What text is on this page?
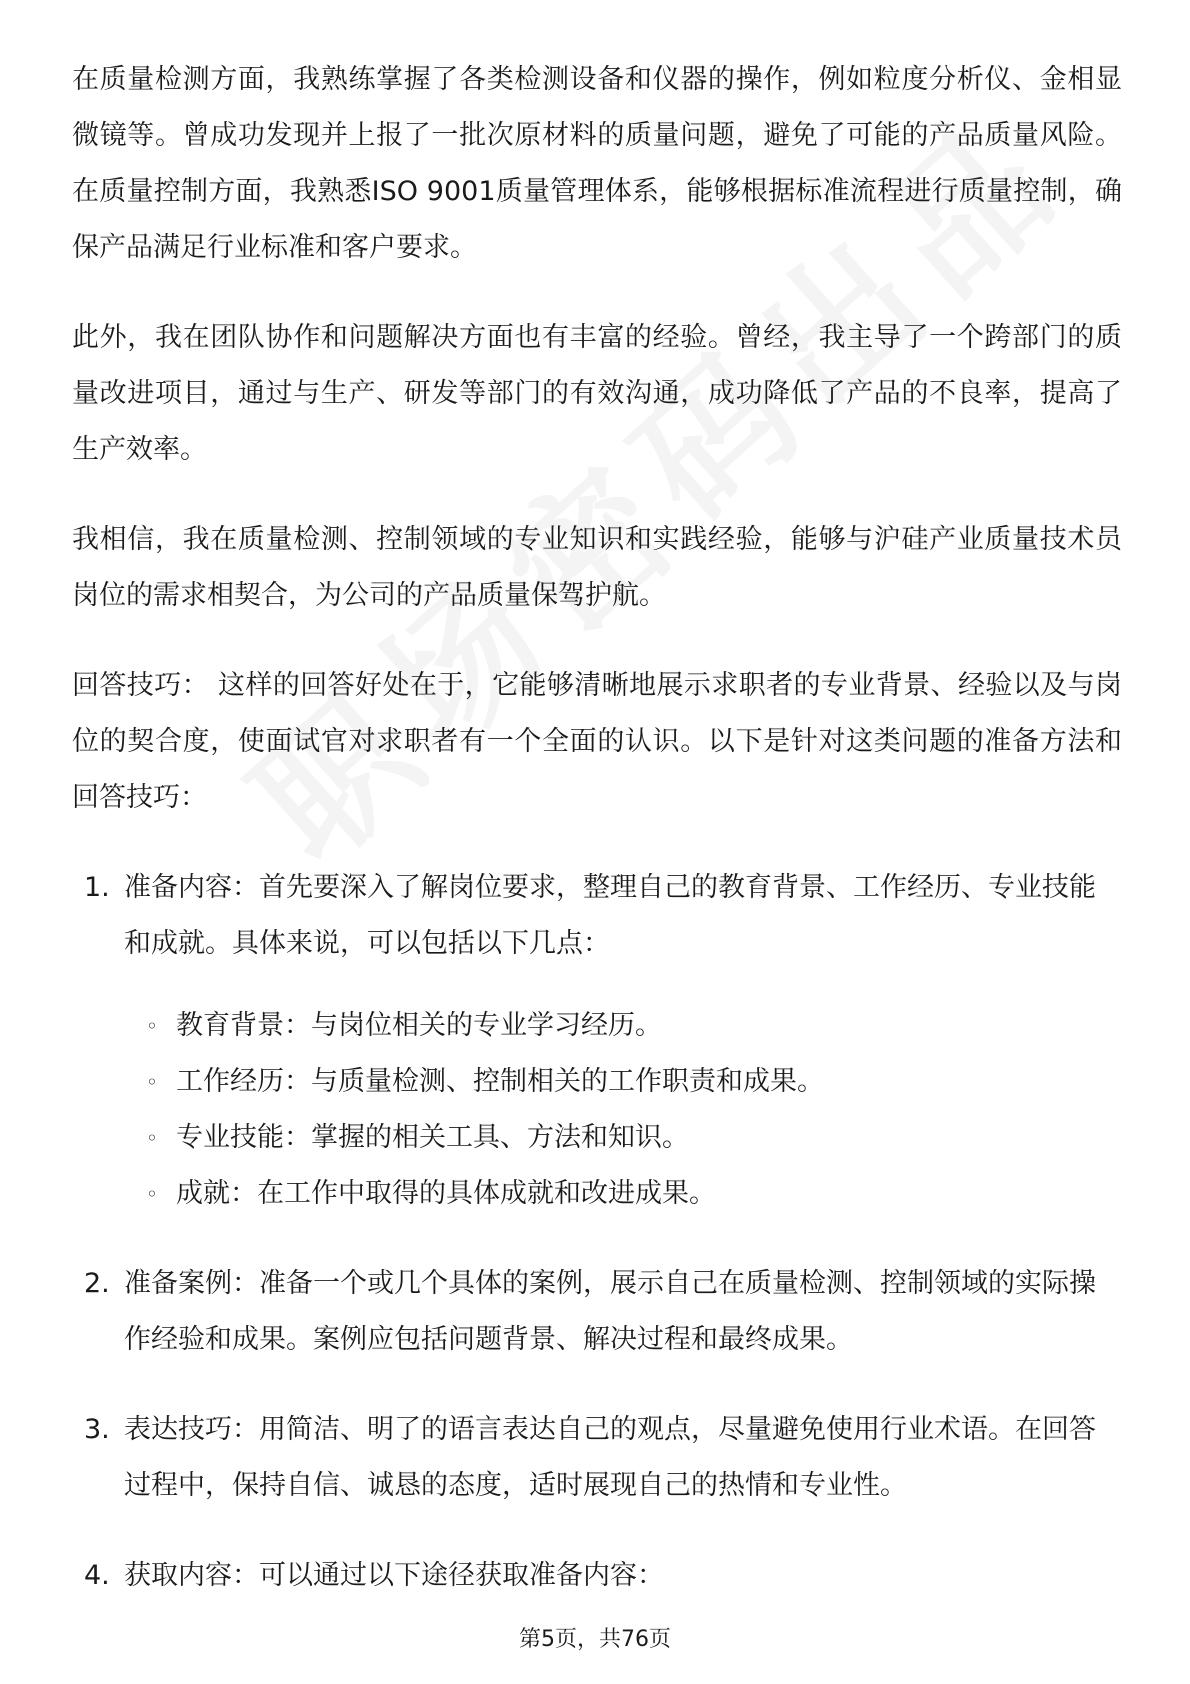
在质量检测方面，我熟练掌握了各类检测设备和仪器的操作，例如粒度分析仪、金相显微镜等。曾成功发现并上报了一批次原材料的质量问题，避免了可能的产品质量风险。在质量控制方面，我熟悉ISO 9001质量管理体系，能够根据标准流程进行质量控制，确保产品满足行业标准和客户要求。

此外，我在团队协作和问题解决方面也有丰富的经验。曾经，我主导了一个跨部门的质量改进项目，通过与生产、研发等部门的有效沟通，成功降低了产品的不良率，提高了生产效率。

我相信，我在质量检测、控制领域的专业知识和实践经验，能够与沪硅产业质量技术员岗位的需求相契合，为公司的产品质量保驾护航。

回答技巧： 这样的回答好处在于，它能够清晰地展示求职者的专业背景、经验以及与岗位的契合度，使面试官对求职者有一个全面的认识。以下是针对这类问题的准备方法和回答技巧：

1. 准备内容：首先要深入了解岗位要求，整理自己的教育背景、工作经历、专业技能和成就。具体来说，可以包括以下几点：
◦ 教育背景：与岗位相关的专业学习经历。
◦ 工作经历：与质量检测、控制相关的工作职责和成果。
◦ 专业技能：掌握的相关工具、方法和知识。
◦ 成就：在工作中取得的具体成就和改进成果。
2. 准备案例：准备一个或几个具体的案例，展示自己在质量检测、控制领域的实际操作经验和成果。案例应包括问题背景、解决过程和最终成果。
3. 表达技巧：用简洁、明了的语言表达自己的观点，尽量避免使用行业术语。在回答过程中，保持自信、诚恳的态度，适时展现自己的热情和专业性。
4. 获取内容：可以通过以下途径获取准备内容：
第5页，共76页
